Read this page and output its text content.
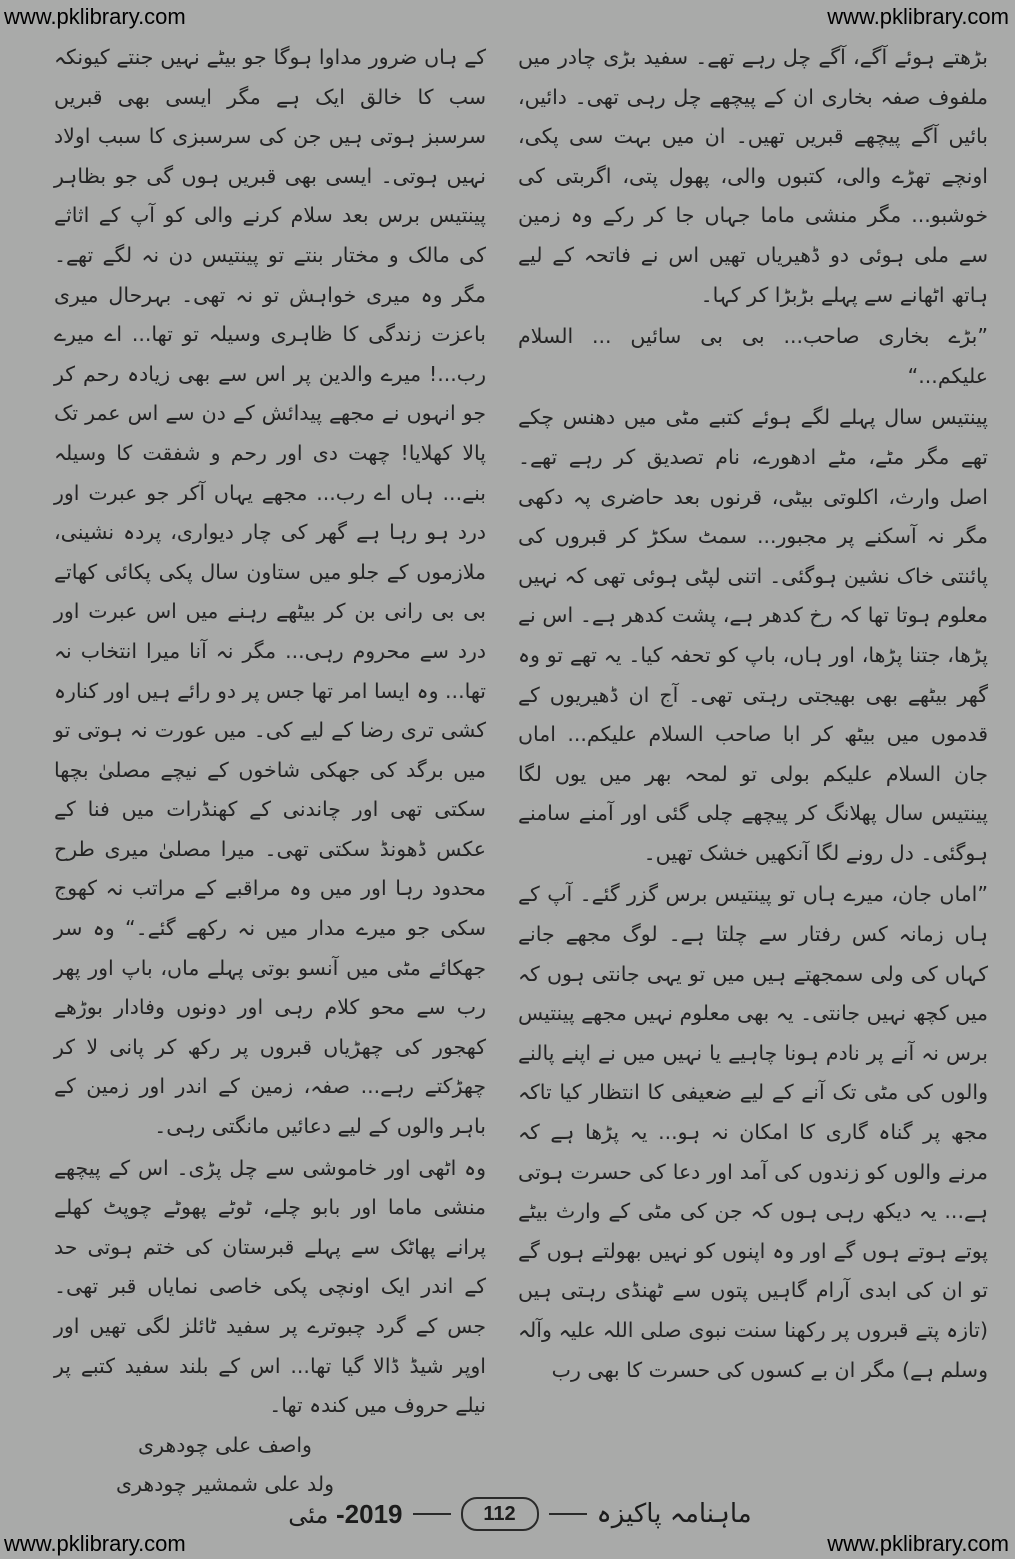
www.pklibrary.com	www.pklibrary.com
www.pklibrary.com	www.pklibrary.com

بڑھتے ہوئے آگے، آگے چل رہے تھے۔ سفید بڑی چادر میں ملفوف صفہ بخاری ان کے پیچھے چل رہی تھی۔ دائیں، بائیں آگے پیچھے قبریں تھیں۔ ان میں بہت سی پکی، اونچے تھڑے والی، کتبوں والی، پھول پتی، اگربتی کی خوشبو... مگر منشی ماما جہاں جا کر رکے وہ زمین سے ملی ہوئی دو ڈھیریاں تھیں اس نے فاتحہ کے لیے ہاتھ اٹھانے سے پہلے بڑبڑا کر کہا۔

”بڑے بخاری صاحب... بی بی سائیں ... السلام علیکم...“

پینتیس سال پہلے لگے ہوئے کتبے مٹی میں دھنس چکے تھے مگر مٹے، مٹے ادھورے، نام تصدیق کر رہے تھے۔ اصل وارث، اکلوتی بیٹی، قرنوں بعد حاضری پہ دکھی مگر نہ آسکنے پر مجبور... سمٹ سکڑ کر قبروں کی پائنتی خاک نشین ہوگئی۔ اتنی لپٹی ہوئی تھی کہ نہیں معلوم ہوتا تھا کہ رخ کدھر ہے، پشت کدھر ہے۔ اس نے پڑھا، جتنا پڑھا، اور ہاں، باپ کو تحفہ کیا۔ یہ تھے تو وہ گھر بیٹھے بھی بھیجتی رہتی تھی۔ آج ان ڈھیریوں کے قدموں میں بیٹھ کر ابا صاحب السلام علیکم... اماں جان السلام علیکم بولی تو لمحہ بھر میں یوں لگا پینتیس سال پھلانگ کر پیچھے چلی گئی اور آمنے سامنے ہوگئی۔ دل رونے لگا آنکھیں خشک تھیں۔

”اماں جان، میرے ہاں تو پینتیس برس گزر گئے۔ آپ کے ہاں زمانہ کس رفتار سے چلتا ہے۔ لوگ مجھے جانے کہاں کی ولی سمجھتے ہیں میں تو یہی جانتی ہوں کہ میں کچھ نہیں جانتی۔ یہ بھی معلوم نہیں مجھے پینتیس برس نہ آنے پر نادم ہونا چاہیے یا نہیں میں نے اپنے پالنے والوں کی مٹی تک آنے کے لیے ضعیفی کا انتظار کیا تاکہ مجھ پر گناہ گاری کا امکان نہ ہو... یہ پڑھا ہے کہ مرنے والوں کو زندوں کی آمد اور دعا کی حسرت ہوتی ہے... یہ دیکھ رہی ہوں کہ جن کی مٹی کے وارث بیٹے پوتے ہوتے ہوں گے اور وہ اپنوں کو نہیں بھولتے ہوں گے تو ان کی ابدی آرام گاہیں پتوں سے ٹھنڈی رہتی ہیں (تازہ پتے قبروں پر رکھنا سنت نبوی صلی اللہ علیہ وآلہ وسلم ہے) مگر ان بے کسوں کی حسرت کا بھی رب

کے ہاں ضرور مداوا ہوگا جو بیٹے نہیں جنتے کیونکہ سب کا خالق ایک ہے مگر ایسی بھی قبریں سرسبز ہوتی ہیں جن کی سرسبزی کا سبب اولاد نہیں ہوتی۔ ایسی بھی قبریں ہوں گی جو بظاہر پینتیس برس بعد سلام کرنے والی کو آپ کے اثاثے کی مالک و مختار بنتے تو پینتیس دن نہ لگے تھے۔ مگر وہ میری خواہش تو نہ تھی۔ بہرحال میری باعزت زندگی کا ظاہری وسیلہ تو تھا... اے میرے رب...! میرے والدین پر اس سے بھی زیادہ رحم کر جو انہوں نے مجھے پیدائش کے دن سے اس عمر تک پالا کھلایا! چھت دی اور رحم و شفقت کا وسیلہ بنے... ہاں اے رب... مجھے یہاں آکر جو عبرت اور درد ہو رہا ہے گھر کی چار دیواری، پردہ نشینی، ملازموں کے جلو میں ستاون سال پکی پکائی کھاتے بی بی رانی بن کر بیٹھے رہنے میں اس عبرت اور درد سے محروم رہی... مگر نہ آنا میرا انتخاب نہ تھا... وہ ایسا امر تھا جس پر دو رائے ہیں اور کنارہ کشی تری رضا کے لیے کی۔ میں عورت نہ ہوتی تو میں برگد کی جھکی شاخوں کے نیچے مصلیٰ بچھا سکتی تھی اور چاندنی کے کھنڈرات میں فنا کے عکس ڈھونڈ سکتی تھی۔ میرا مصلیٰ میری طرح محدود رہا اور میں وہ مراقبے کے مراتب نہ کھوج سکی جو میرے مدار میں نہ رکھے گئے۔“ وہ سر جھکائے مٹی میں آنسو بوتی پہلے ماں، باپ اور پھر رب سے محو کلام رہی اور دونوں وفادار بوڑھے کھجور کی چھڑیاں قبروں پر رکھ کر پانی لا کر چھڑکتے رہے... صفہ، زمین کے اندر اور زمین کے باہر والوں کے لیے دعائیں مانگتی رہی۔

وہ اٹھی اور خاموشی سے چل پڑی۔ اس کے پیچھے منشی ماما اور بابو چلے، ٹوٹے پھوٹے چوپٹ کھلے پرانے پھاٹک سے پہلے قبرستان کی ختم ہوتی حد کے اندر ایک اونچی پکی خاصی نمایاں قبر تھی۔ جس کے گرد چبوترے پر سفید ٹائلز لگی تھیں اور اوپر شیڈ ڈالا گیا تھا... اس کے بلند سفید کتبے پر نیلے حروف میں کندہ تھا۔

واصف علی چودھری

ولد علی شمشیر چودھری

2019- مئی	112	ماہنامہ پاکیزہ
